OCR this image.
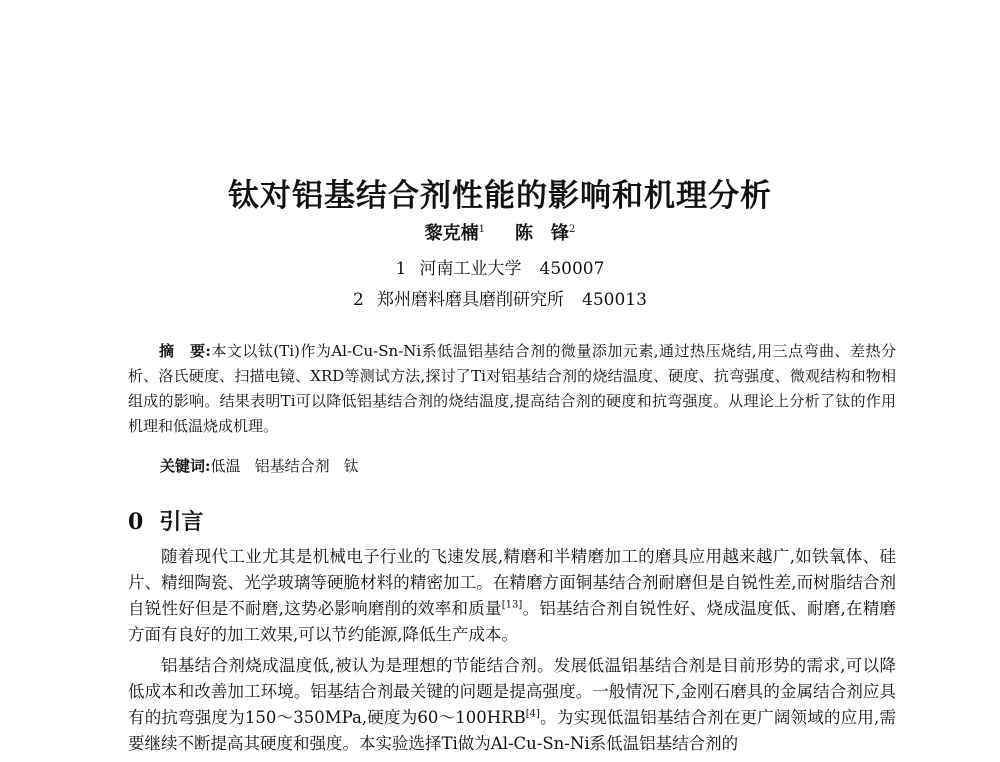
钛对铝基结合剂性能的影响和机理分析
黎克楠$^1$ 陈　锋$^2$
1 河南工业大学 450007
2 郑州磨料磨具磨削研究所 450013
摘　要:本文以钛(Ti)作为Al-Cu-Sn-Ni系低温铝基结合剂的微量添加元素,通过热压烧结,用三点弯曲、差热分析、洛氏硬度、扫描电镜、XRD等测试方法,探讨了Ti对铝基结合剂的烧结温度、硬度、抗弯强度、微观结构和物相组成的影响。结果表明Ti可以降低铝基结合剂的烧结温度,提高结合剂的硬度和抗弯强度。从理论上分析了钛的作用机理和低温烧成机理。
关键词:低温 铝基结合剂 钛
0 引言

随着现代工业尤其是机械电子行业的飞速发展,精磨和半精磨加工的磨具应用越来越广,如铁氧体、硅片、精细陶瓷、光学玻璃等硬脆材料的精密加工。在精磨方面铜基结合剂耐磨但是自锐性差,而树脂结合剂自锐性好但是不耐磨,这势必影响磨削的效率和质量[13]。铝基结合剂自锐性好、烧成温度低、耐磨,在精磨方面有良好的加工效果,可以节约能源,降低生产成本。

铝基结合剂烧成温度低,被认为是理想的节能结合剂。发展低温铝基结合剂是目前形势的需求,可以降低成本和改善加工环境。铝基结合剂最关键的问题是提高强度。一般情况下,金刚石磨具的金属结合剂应具有的抗弯强度为150～350MPa,硬度为60～100HRB[4]。为实现低温铝基结合剂在更广阔领域的应用,需要继续不断提高其硬度和强度。本实验选择Ti做为Al-Cu-Sn-Ni系低温铝基结合剂的
